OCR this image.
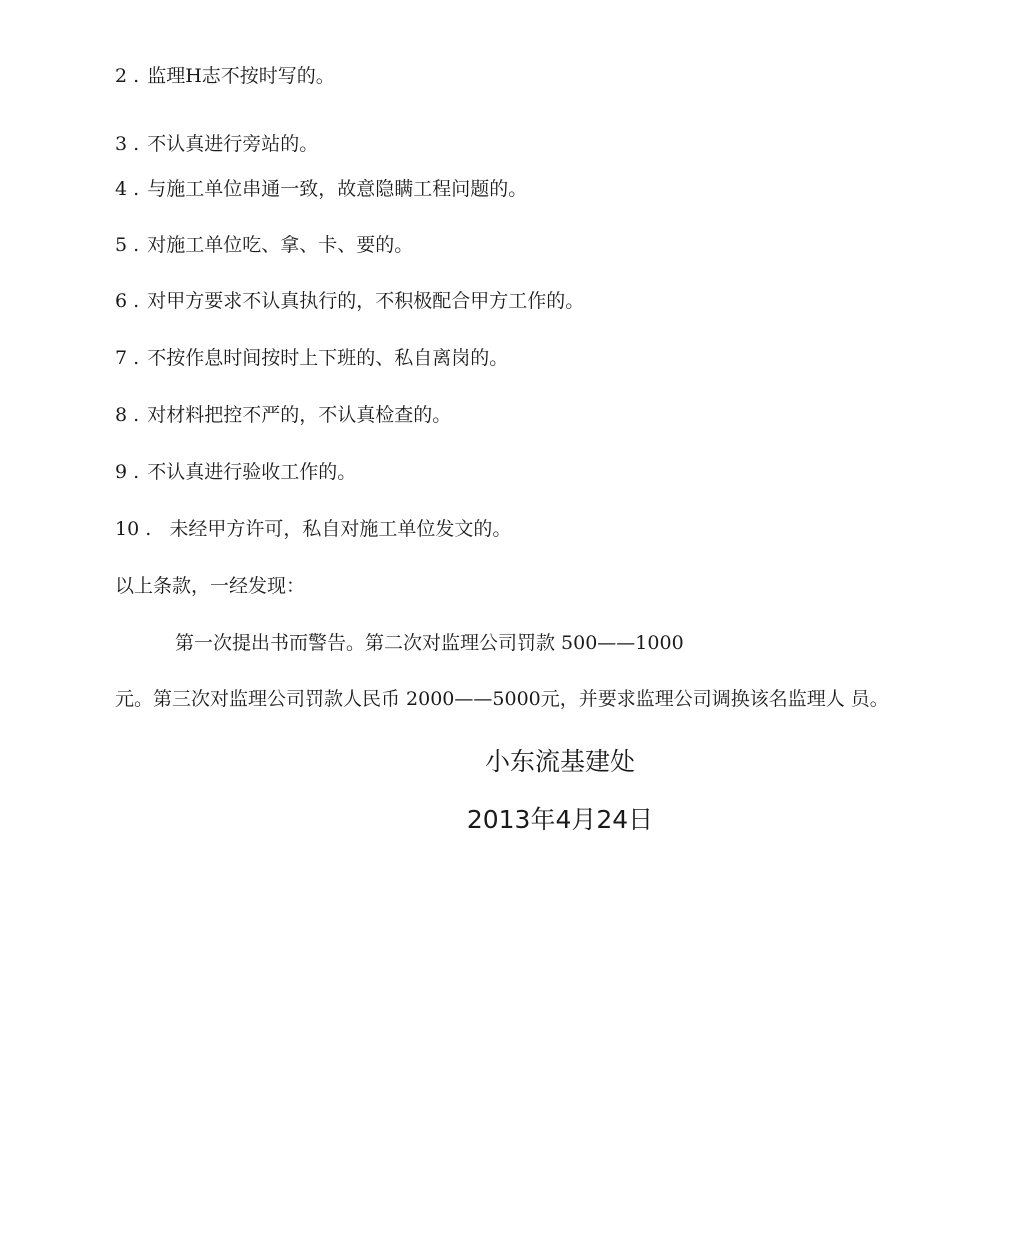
2 . 监理H志不按时写的。
3 . 不认真进行旁站的。
4 . 与施工单位串通一致，故意隐瞒工程问题的。
5 . 对施工单位吃、拿、卡、要的。
6 . 对甲方要求不认真执行的，不积极配合甲方工作的。
7 . 不按作息时间按时上下班的、私自离岗的。
8 . 对材料把控不严的，不认真检查的。
9 . 不认真进行验收工作的。
10 . 未经甲方许可，私自对施工单位发文的。
以上条款，一经发现：
第一次提出书而警告。第二次对监理公司罚款 500——1000
元。第三次对监理公司罚款人民币 2000——5000元，并要求监理公司调换该名监理人 员。
小东流基建处
2013年4月24日
